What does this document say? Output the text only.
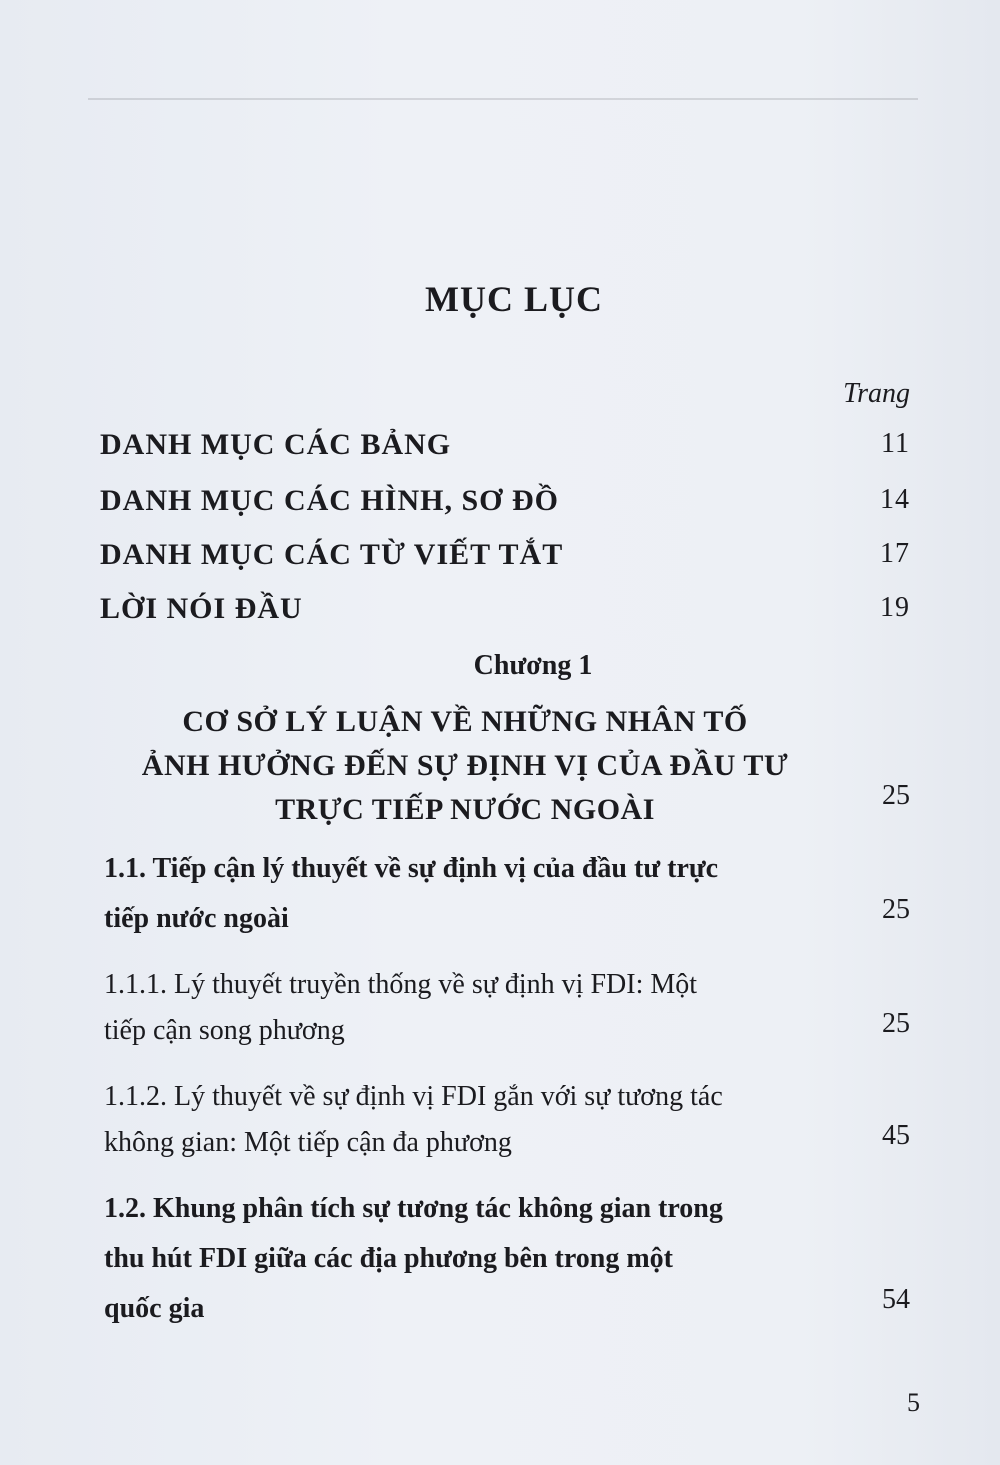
MỤC LỤC
Trang
DANH MỤC CÁC BẢNG	11
DANH MỤC CÁC HÌNH, SƠ ĐỒ	14
DANH MỤC CÁC TỪ VIẾT TẮT	17
LỜI NÓI ĐẦU	19
Chương 1
CƠ SỞ LÝ LUẬN VỀ NHỮNG NHÂN TỐ
ẢNH HƯỞNG ĐẾN SỰ ĐỊNH VỊ CỦA ĐẦU TƯ
TRỰC TIẾP NƯỚC NGOÀI	25
1.1. Tiếp cận lý thuyết về sự định vị của đầu tư trực
tiếp nước ngoài	25
1.1.1. Lý thuyết truyền thống về sự định vị FDI: Một
tiếp cận song phương	25
1.1.2. Lý thuyết về sự định vị FDI gắn với sự tương tác
không gian: Một tiếp cận đa phương	45
1.2. Khung phân tích sự tương tác không gian trong
thu hút FDI giữa các địa phương bên trong một
quốc gia	54
5
